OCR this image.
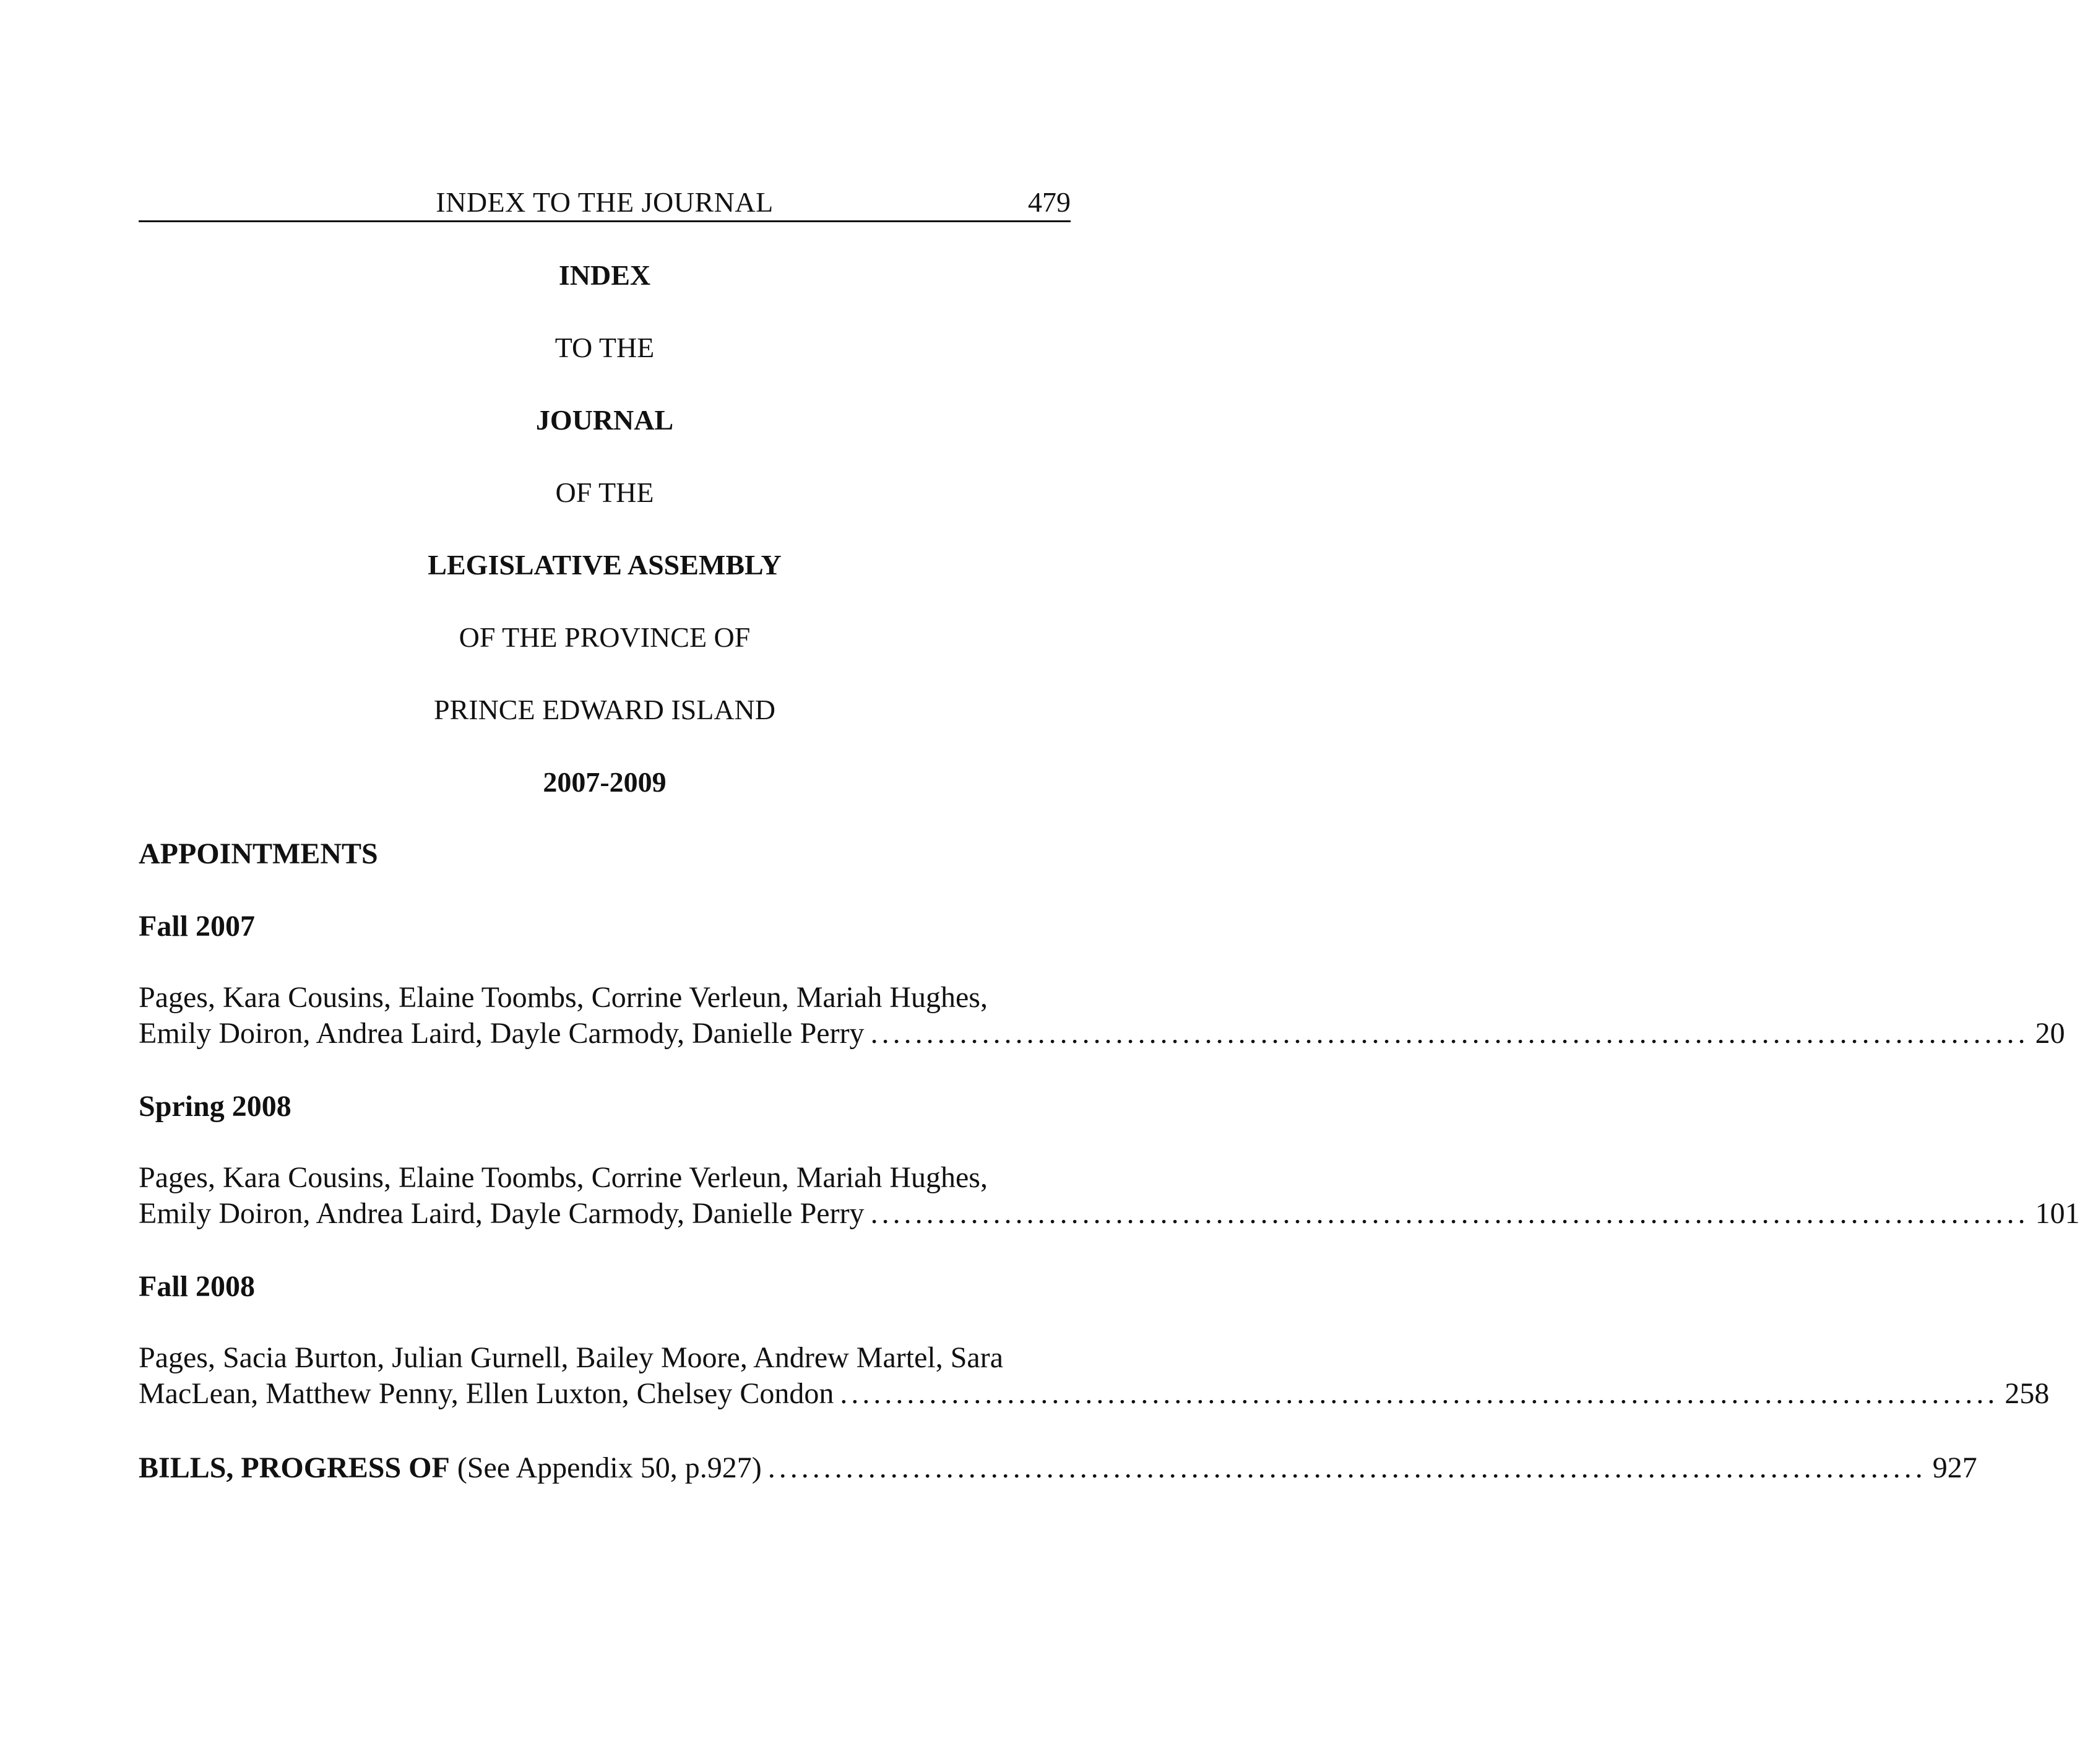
INDEX TO THE JOURNAL	479
INDEX
TO THE
JOURNAL
OF THE
LEGISLATIVE ASSEMBLY
OF THE PROVINCE OF
PRINCE EDWARD ISLAND
2007-2009
APPOINTMENTS
Fall 2007
Pages, Kara Cousins, Elaine Toombs, Corrine Verleun, Mariah Hughes,
Emily Doiron, Andrea Laird, Dayle Carmody, Danielle Perry ........................................................................................................ 20
Spring 2008
Pages, Kara Cousins, Elaine Toombs, Corrine Verleun, Mariah Hughes,
Emily Doiron, Andrea Laird, Dayle Carmody, Danielle Perry ........................................................................................................ 101
Fall 2008
Pages, Sacia Burton, Julian Gurnell, Bailey Moore, Andrew Martel, Sara
MacLean, Matthew Penny, Ellen Luxton, Chelsey Condon ........................................................................................................ 258
BILLS, PROGRESS OF (See Appendix 50, p.927) ........................................................................................................ 927
